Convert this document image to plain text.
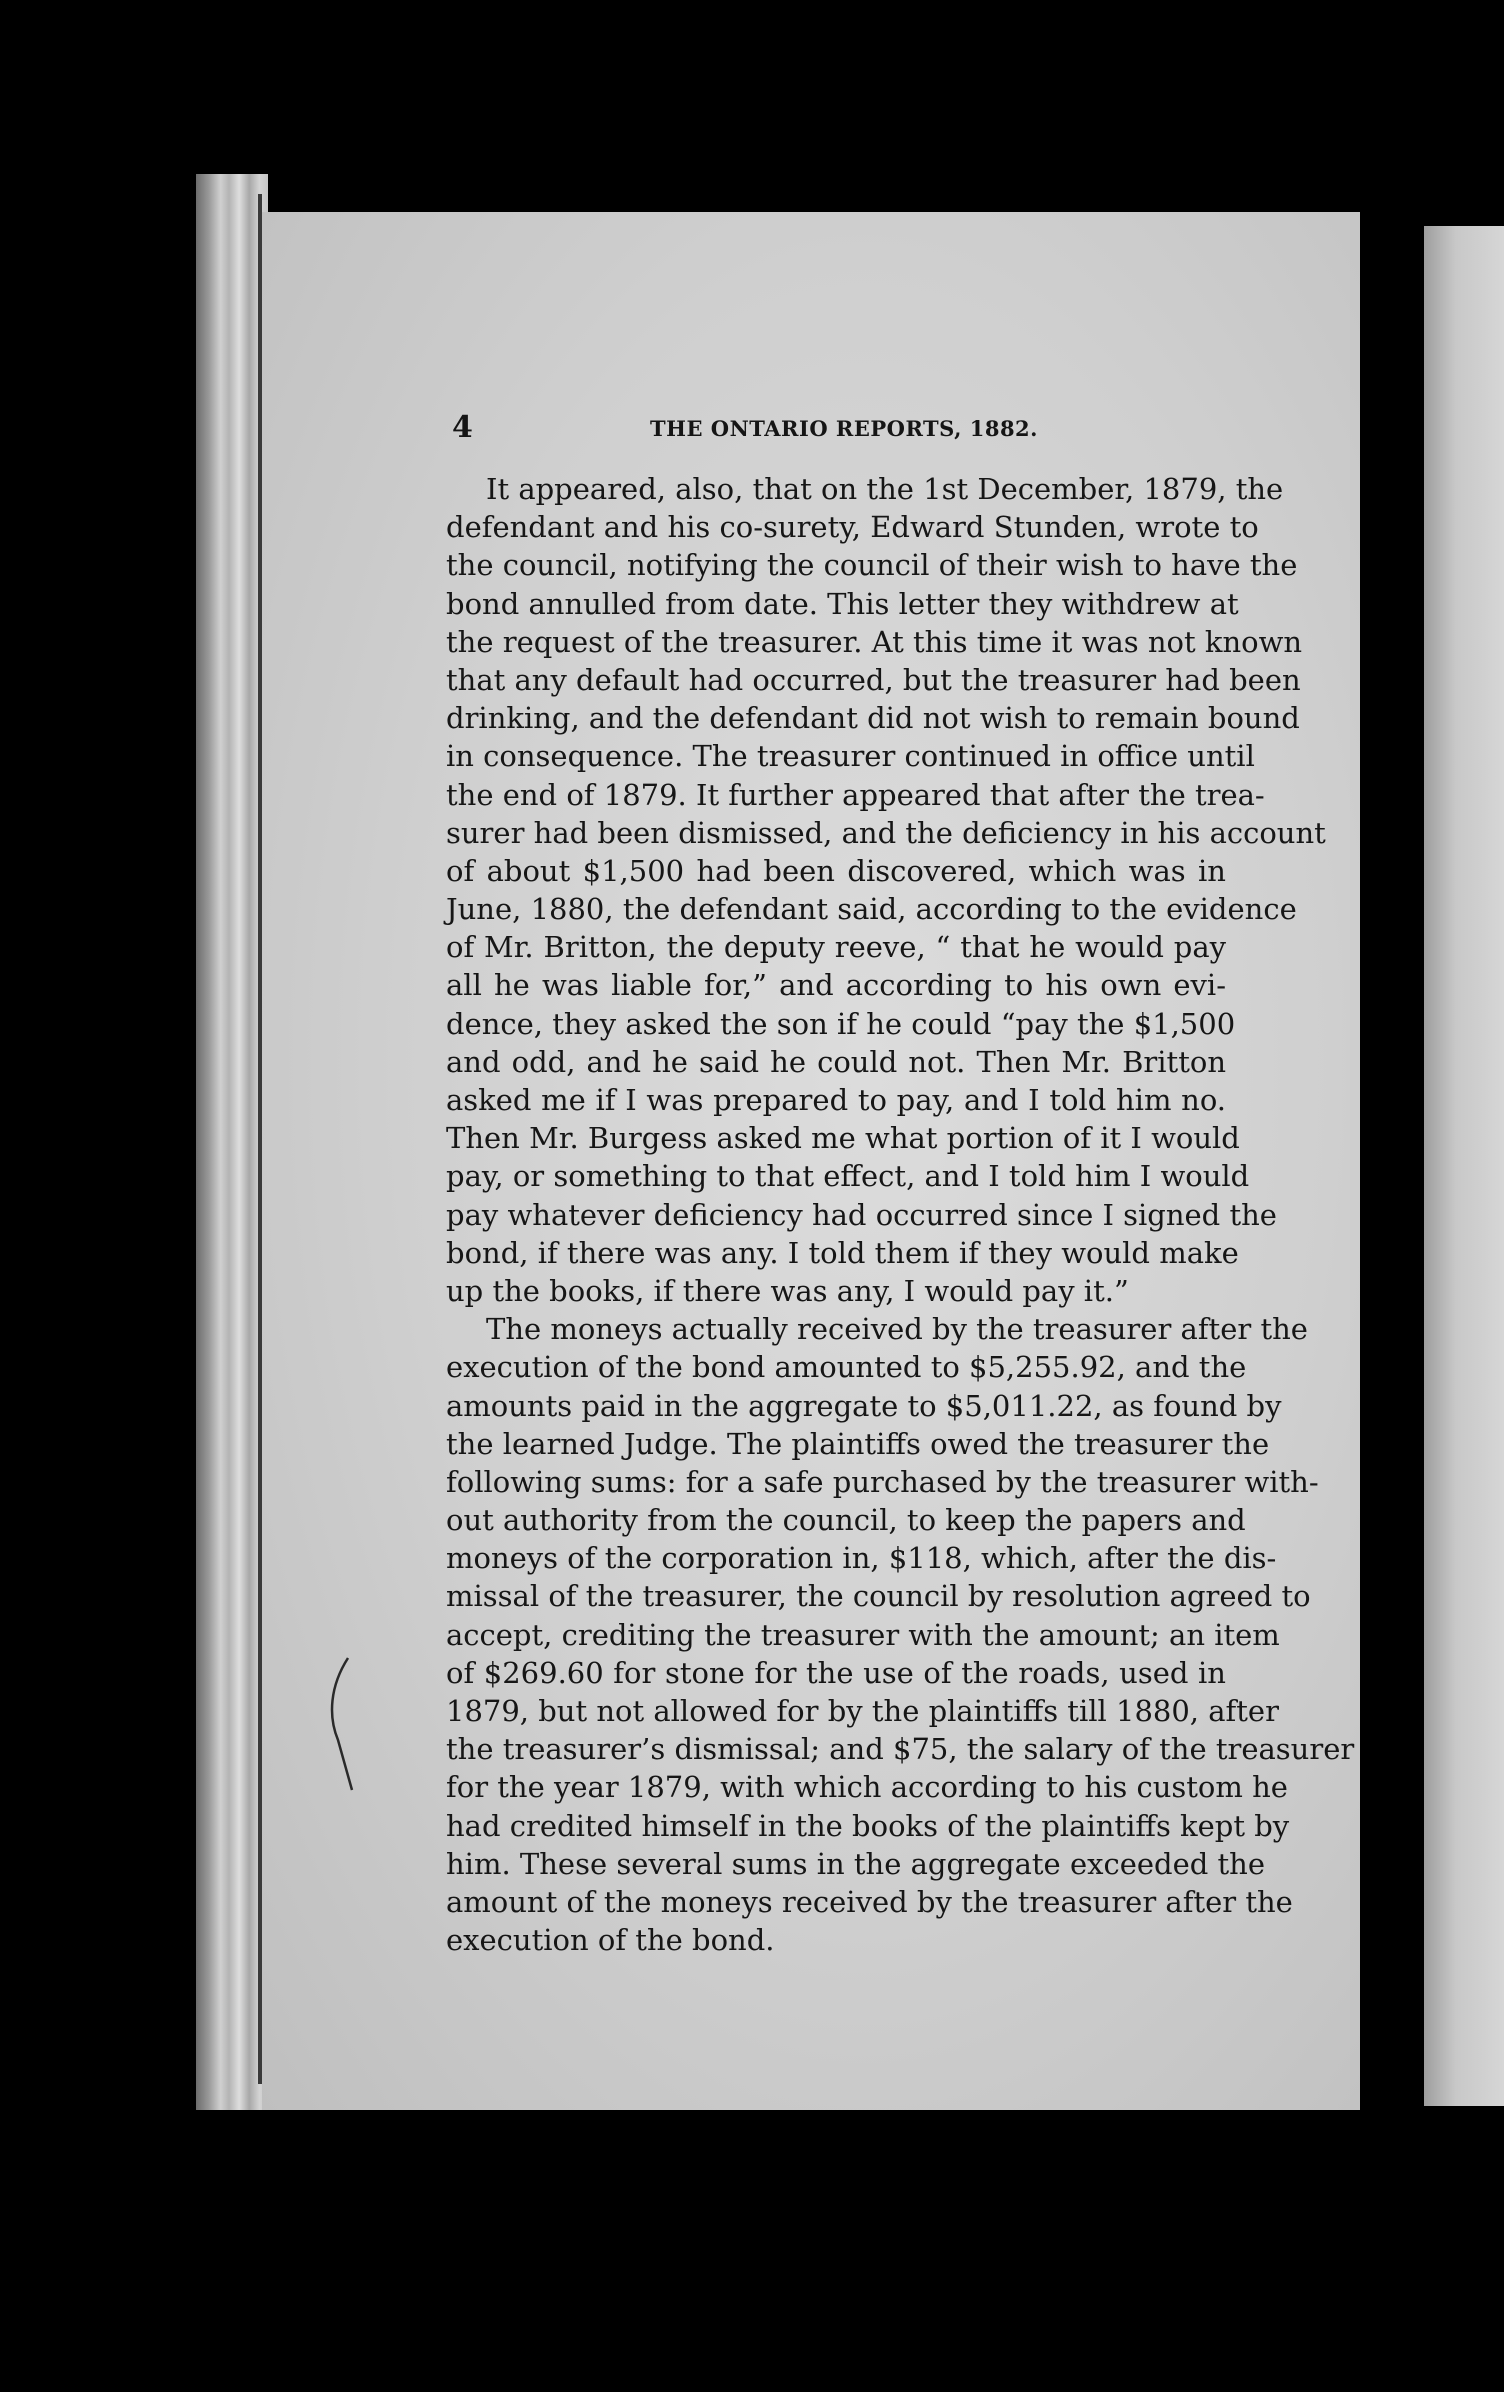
4	THE ONTARIO REPORTS, 1882.
It appeared, also, that on the 1st December, 1879, the
defendant and his co-surety, Edward Stunden, wrote to
the council, notifying the council of their wish to have the
bond annulled from date. This letter they withdrew at
the request of the treasurer. At this time it was not known
that any default had occurred, but the treasurer had been
drinking, and the defendant did not wish to remain bound
in consequence. The treasurer continued in office until
the end of 1879. It further appeared that after the trea-
surer had been dismissed, and the deficiency in his account
of about $1,500 had been discovered, which was in
June, 1880, the defendant said, according to the evidence
of Mr. Britton, the deputy reeve, “ that he would pay
all he was liable for,” and according to his own evi-
dence, they asked the son if he could “pay the $1,500
and odd, and he said he could not. Then Mr. Britton
asked me if I was prepared to pay, and I told him no.
Then Mr. Burgess asked me what portion of it I would
pay, or something to that effect, and I told him I would
pay whatever deficiency had occurred since I signed the
bond, if there was any. I told them if they would make
up the books, if there was any, I would pay it.”
The moneys actually received by the treasurer after the
execution of the bond amounted to $5,255.92, and the
amounts paid in the aggregate to $5,011.22, as found by
the learned Judge. The plaintiffs owed the treasurer the
following sums: for a safe purchased by the treasurer with-
out authority from the council, to keep the papers and
moneys of the corporation in, $118, which, after the dis-
missal of the treasurer, the council by resolution agreed to
accept, crediting the treasurer with the amount; an item
of $269.60 for stone for the use of the roads, used in
1879, but not allowed for by the plaintiffs till 1880, after
the treasurer’s dismissal; and $75, the salary of the treasurer
for the year 1879, with which according to his custom he
had credited himself in the books of the plaintiffs kept by
him. These several sums in the aggregate exceeded the
amount of the moneys received by the treasurer after the
execution of the bond.
